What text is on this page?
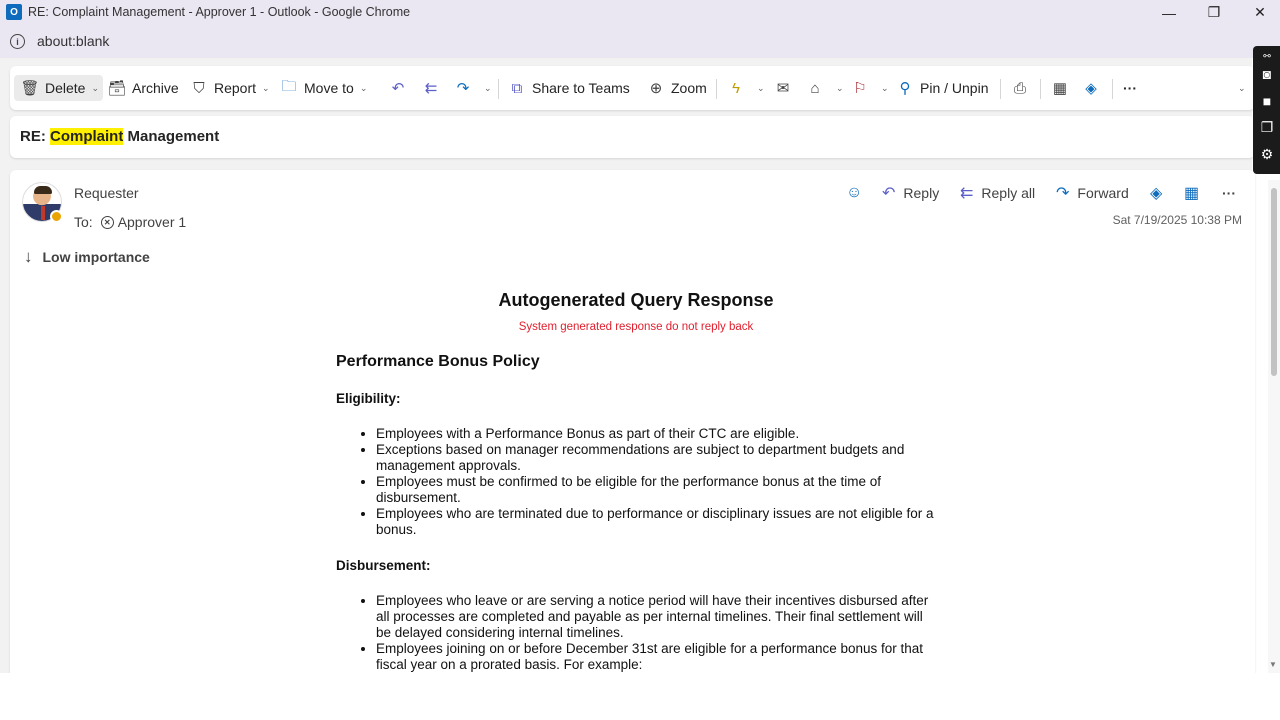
O RE: Complaint Management - Approver 1 - Outlook - Google Chrome	—	❐	✕
i	about:blank
🗑 Delete ⌄ 🗃 Archive ⛉ Report ⌄ 🗀 Move to ⌄ ↶ ⇇ ↷	⌄	⧉ Share to Teams ⊕ Zoom	ϟ	⌄ ✉	⌂	⌄ ⚐	⌄ ⚲ Pin / Unpin ⎙ ▦ ◈	···	⌄
RE: Complaint Management
Requester
To:	✕ Approver 1
↓ Low importance
☺ ↶ Reply ⇇ Reply all ↷ Forward ◈ ▦ ···
Sat 7/19/2025 10:38 PM
Autogenerated Query Response
System generated response do not reply back
Performance Bonus Policy
Eligibility:
• Employees with a Performance Bonus as part of their CTC are eligible.
• Exceptions based on manager recommendations are subject to department budgets and management approvals.
• Employees must be confirmed to be eligible for the performance bonus at the time of disbursement.
• Employees who are terminated due to performance or disciplinary issues are not eligible for a bonus.
Disbursement:
• Employees who leave or are serving a notice period will have their incentives disbursed after all processes are completed and payable as per internal timelines. Their final settlement will be delayed considering internal timelines.
• Employees joining on or before December 31st are eligible for a performance bonus for that fiscal year on a prorated basis. For example:	▼
⚯
◙
■
❐
⚙
